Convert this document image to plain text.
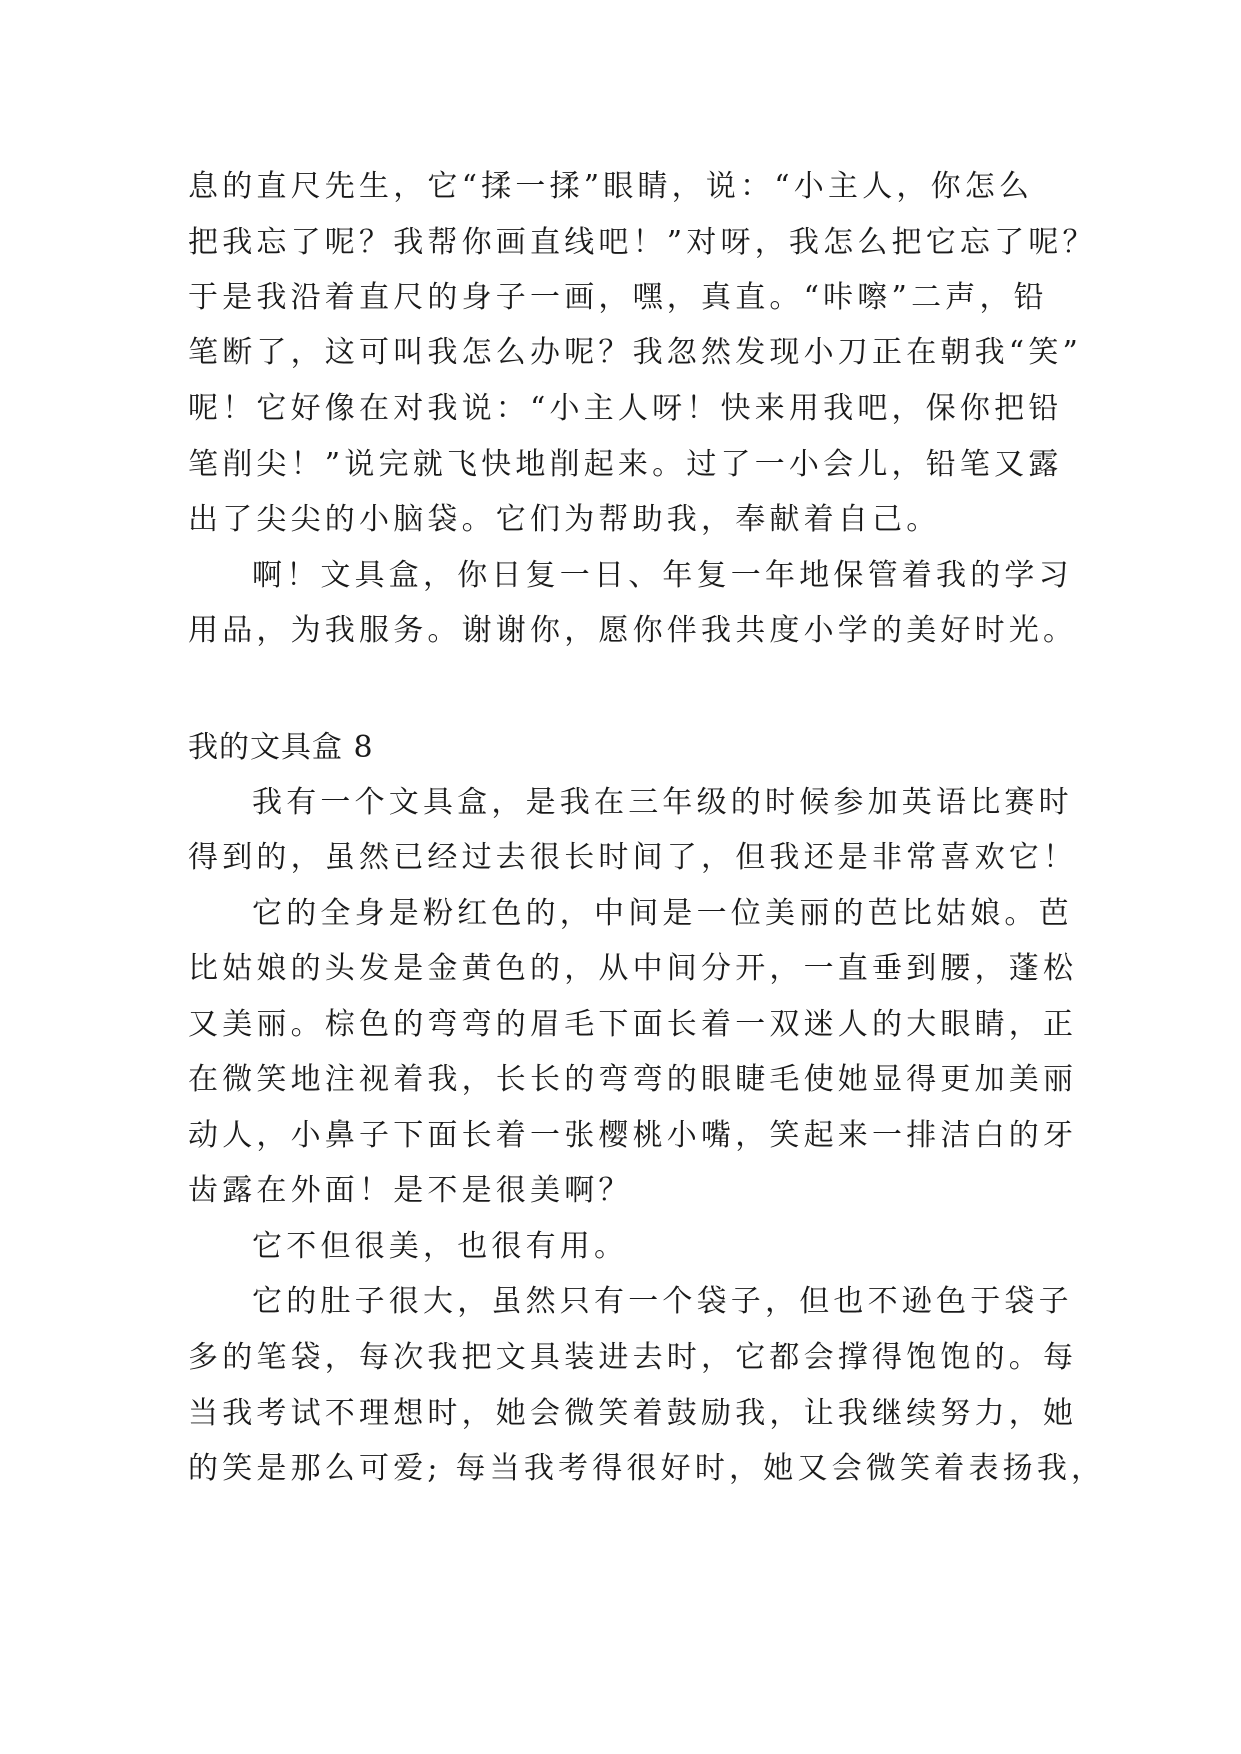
息的直尺先生，它“揉一揉”眼睛，说：“小主人，你怎么
把我忘了呢？我帮你画直线吧！”对呀，我怎么把它忘了呢？
于是我沿着直尺的身子一画，嘿，真直。“咔嚓”二声，铅
笔断了，这可叫我怎么办呢？我忽然发现小刀正在朝我“笑”
呢！它好像在对我说：“小主人呀！快来用我吧，保你把铅
笔削尖！”说完就飞快地削起来。过了一小会儿，铅笔又露
出了尖尖的小脑袋。它们为帮助我，奉献着自己。
啊！文具盒，你日复一日、年复一年地保管着我的学习
用品，为我服务。谢谢你，愿你伴我共度小学的美好时光。
我的文具盒 8
我有一个文具盒，是我在三年级的时候参加英语比赛时
得到的，虽然已经过去很长时间了，但我还是非常喜欢它！
它的全身是粉红色的，中间是一位美丽的芭比姑娘。芭
比姑娘的头发是金黄色的，从中间分开，一直垂到腰，蓬松
又美丽。棕色的弯弯的眉毛下面长着一双迷人的大眼睛，正
在微笑地注视着我，长长的弯弯的眼睫毛使她显得更加美丽
动人，小鼻子下面长着一张樱桃小嘴，笑起来一排洁白的牙
齿露在外面！是不是很美啊？
它不但很美，也很有用。
它的肚子很大，虽然只有一个袋子，但也不逊色于袋子
多的笔袋，每次我把文具装进去时，它都会撑得饱饱的。每
当我考试不理想时，她会微笑着鼓励我，让我继续努力，她
的笑是那么可爱; 每当我考得很好时，她又会微笑着表扬我，
